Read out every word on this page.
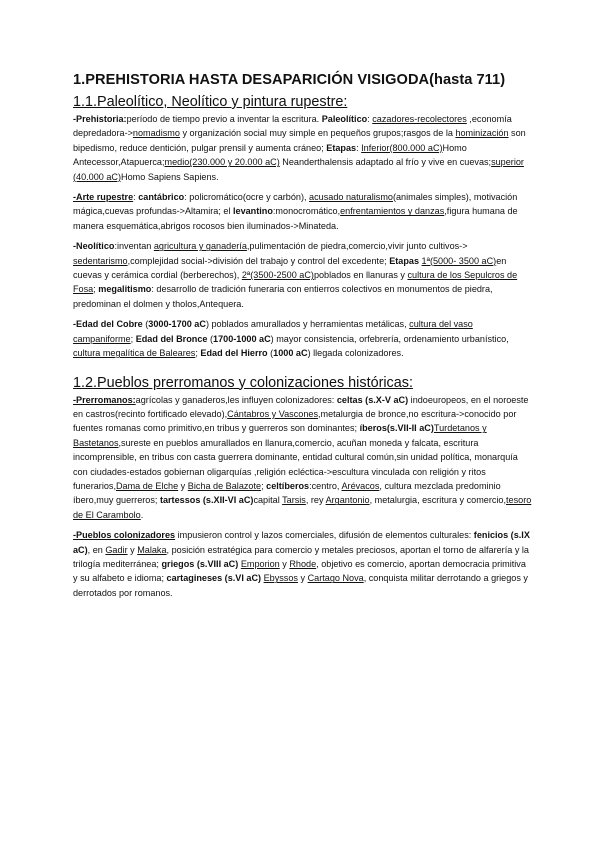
1.PREHISTORIA HASTA DESAPARICIÓN VISIGODA(hasta 711)
1.1.Paleolítico, Neolítico y pintura rupestre:

-Prehistoria:período de tiempo previo a inventar la escritura. Paleolítico: cazadores-recolectores ,economía depredadora->nomadismo y organización social muy simple en pequeños grupos;rasgos de la hominización son bipedismo, reduce dentición, pulgar prensil y aumenta cráneo; Etapas: Inferior(800.000 aC)Homo Antecessor,Atapuerca;medio(230.000 y 20.000 aC) Neanderthalensis adaptado al frío y vive en cuevas;superior (40.000 aC)Homo Sapiens Sapiens.

-Arte rupestre: cantábrico: policromático(ocre y carbón), acusado naturalismo(animales simples), motivación mágica,cuevas profundas->Altamira; el levantino:monocromático,enfrentamientos y danzas,figura humana de manera esquemática,abrigos rocosos bien iluminados->Minateda.

-Neolítico:inventan agricultura y ganadería,pulimentación de piedra,comercio,vivir junto cultivos-> sedentarismo,complejidad social->división del trabajo y control del excedente; Etapas 1ª(5000- 3500 aC)en cuevas y cerámica cordial (berberechos), 2ª(3500-2500 aC)poblados en llanuras y cultura de los Sepulcros de Fosa; megalitismo: desarrollo de tradición funeraria con entierros colectivos en monumentos de piedra, predominan el dolmen y tholos,Antequera.

-Edad del Cobre (3000-1700 aC) poblados amurallados y herramientas metálicas, cultura del vaso campaniforme; Edad del Bronce (1700-1000 aC) mayor consistencia, orfebrería, ordenamiento urbanístico, cultura megalítica de Baleares; Edad del Hierro (1000 aC) llegada colonizadores.

1.2.Pueblos prerromanos y colonizaciones históricas:

-Prerromanos:agrícolas y ganaderos,les influyen colonizadores: celtas (s.X-V aC) indoeuropeos, en el noroeste en castros(recinto fortificado elevado),Cántabros y Vascones,metalurgia de bronce,no escritura->conocido por fuentes romanas como primitivo,en tribus y guerreros son dominantes; íberos(s.VII-II aC)Turdetanos y Bastetanos,sureste en pueblos amurallados en llanura,comercio, acuñan moneda y falcata, escritura incomprensible, en tribus con casta guerrera dominante, entidad cultural común,sin unidad política, monarquía con ciudades-estados gobiernan oligarquías ,religión ecléctica->escultura vinculada con religión y ritos funerarios,Dama de Elche y Bicha de Balazote; celtíberos:centro, Arévacos, cultura mezclada predominio íbero,muy guerreros; tartessos (s.XII-VI aC)capital Tarsis, rey Argantonio, metalurgia, escritura y comercio,tesoro de El Carambolo.

-Pueblos colonizadores impusieron control y lazos comerciales, difusión de elementos culturales: fenicios (s.IX aC), en Gadir y Malaka, posición estratégica para comercio y metales preciosos, aportan el torno de alfarería y la trilogía mediterránea; griegos (s.VIII aC) Emporion y Rhode, objetivo es comercio, aportan democracia primitiva y su alfabeto e idioma; cartagineses (s.VI aC) Ebyssos y Cartago Nova, conquista militar derrotando a griegos y derrotados por romanos.
